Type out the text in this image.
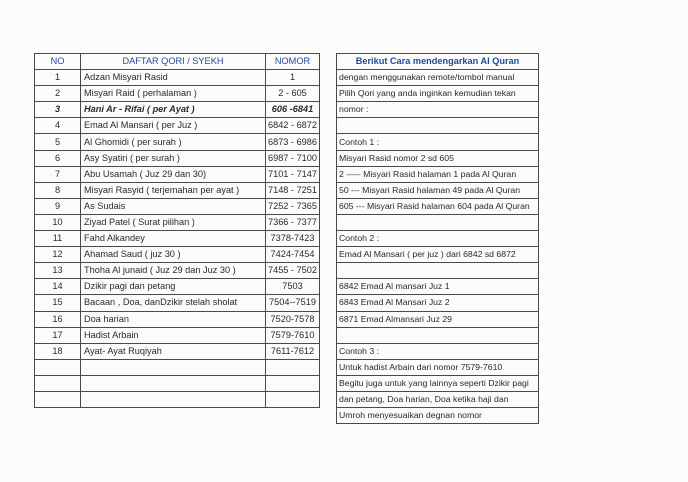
NO	DAFTAR QORI / SYEKH	NOMOR
1	Adzan Misyari Rasid	1
2	Misyari Raid ( perhalaman )	2 - 605
3	Hani Ar - Rifai ( per Ayat )	606 -6841
4	Emad Al Mansari ( per Juz )	6842 - 6872
5	Al Ghomidi ( per surah )	6873 - 6986
6	Asy Syatiri ( per surah )	6987 - 7100
7	Abu Usamah ( Juz 29 dan 30)	7101 - 7147
8	Misyari Rasyid ( terjemahan per ayat )	7148 - 7251
9	As Sudais	7252 - 7365
10	Ziyad Patel ( Surat pilihan )	7366 - 7377
11	Fahd Alkandey	7378-7423
12	Ahamad Saud ( juz 30 )	7424-7454
13	Thoha Al junaid ( Juz 29 dan Juz 30 )	7455 - 7502
14	Dzikir pagi dan petang	7503
15	Bacaan , Doa, danDzikir stelah sholat	7504--7519
16	Doa harian	7520-7578
17	Hadist Arbain	7579-7610
18	Ayat- Ayat Ruqiyah	7611-7612

Berikut Cara mendengarkan Al Quran
dengan menggunakan remote/tombol manual
Pilih Qori yang anda inginkan kemudian tekan
nomor :

Contoh 1 :
Misyari Rasid nomor 2 sd 605
2 ----- Misyari Rasid halaman 1 pada Al Quran
50 --- Misyari Rasid halaman 49 pada Al Quran
605 --- Misyari Rasid halaman 604 pada Al Quran

Contoh 2 :
Emad Al Mansari ( per juz ) dari 6842 sd 6872

6842 Emad Al mansari Juz 1
6843 Emad Al Mansari Juz 2
6871 Emad Almansari Juz 29

Contoh 3 :
Untuk hadist Arbain dari nomor 7579-7610
Begitu juga untuk yang lainnya seperti Dzikir pagi
dan petang, Doa harian, Doa ketika haji dan
Umroh menyesuaikan degnan nomor
